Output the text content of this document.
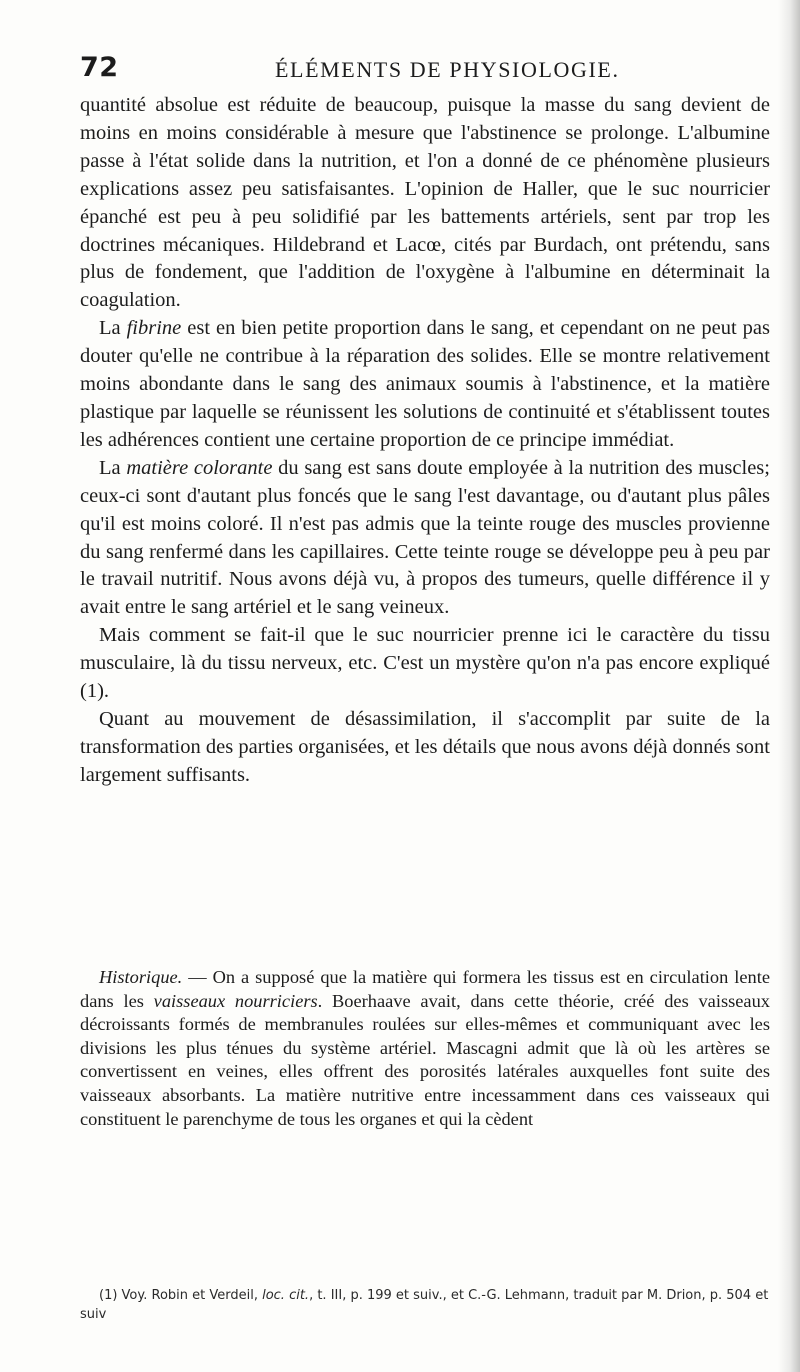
72	ÉLÉMENTS DE PHYSIOLOGIE.

quantité absolue est réduite de beaucoup, puisque la masse du sang devient de moins en moins considérable à mesure que l'abstinence se prolonge. L'albumine passe à l'état solide dans la nutrition, et l'on a donné de ce phénomène plusieurs explications assez peu satisfaisantes. L'opinion de Haller, que le suc nourricier épanché est peu à peu solidifié par les battements artériels, sent par trop les doctrines mécaniques. Hildebrand et Lacœ, cités par Burdach, ont prétendu, sans plus de fondement, que l'addition de l'oxygène à l'albumine en déterminait la coagulation.

La fibrine est en bien petite proportion dans le sang, et cependant on ne peut pas douter qu'elle ne contribue à la réparation des solides. Elle se montre relativement moins abondante dans le sang des animaux soumis à l'abstinence, et la matière plastique par laquelle se réunissent les solutions de continuité et s'établissent toutes les adhérences contient une certaine proportion de ce principe immédiat.

La matière colorante du sang est sans doute employée à la nutrition des muscles; ceux-ci sont d'autant plus foncés que le sang l'est davantage, ou d'autant plus pâles qu'il est moins coloré. Il n'est pas admis que la teinte rouge des muscles provienne du sang renfermé dans les capillaires. Cette teinte rouge se développe peu à peu par le travail nutritif. Nous avons déjà vu, à propos des tumeurs, quelle différence il y avait entre le sang artériel et le sang veineux.

Mais comment se fait-il que le suc nourricier prenne ici le caractère du tissu musculaire, là du tissu nerveux, etc. C'est un mystère qu'on n'a pas encore expliqué (1).

Quant au mouvement de désassimilation, il s'accomplit par suite de la transformation des parties organisées, et les détails que nous avons déjà donnés sont largement suffisants.

Historique. — On a supposé que la matière qui formera les tissus est en circulation lente dans les vaisseaux nourriciers. Boerhaave avait, dans cette théorie, créé des vaisseaux décroissants formés de membranules roulées sur elles-mêmes et communiquant avec les divisions les plus ténues du système artériel. Mascagni admit que là où les artères se convertissent en veines, elles offrent des porosités latérales auxquelles font suite des vaisseaux absorbants. La matière nutritive entre incessamment dans ces vaisseaux qui constituent le parenchyme de tous les organes et qui la cèdent

(1) Voy. Robin et Verdeil, loc. cit., t. III, p. 199 et suiv., et C.-G. Lehmann, traduit par M. Drion, p. 504 et suiv
